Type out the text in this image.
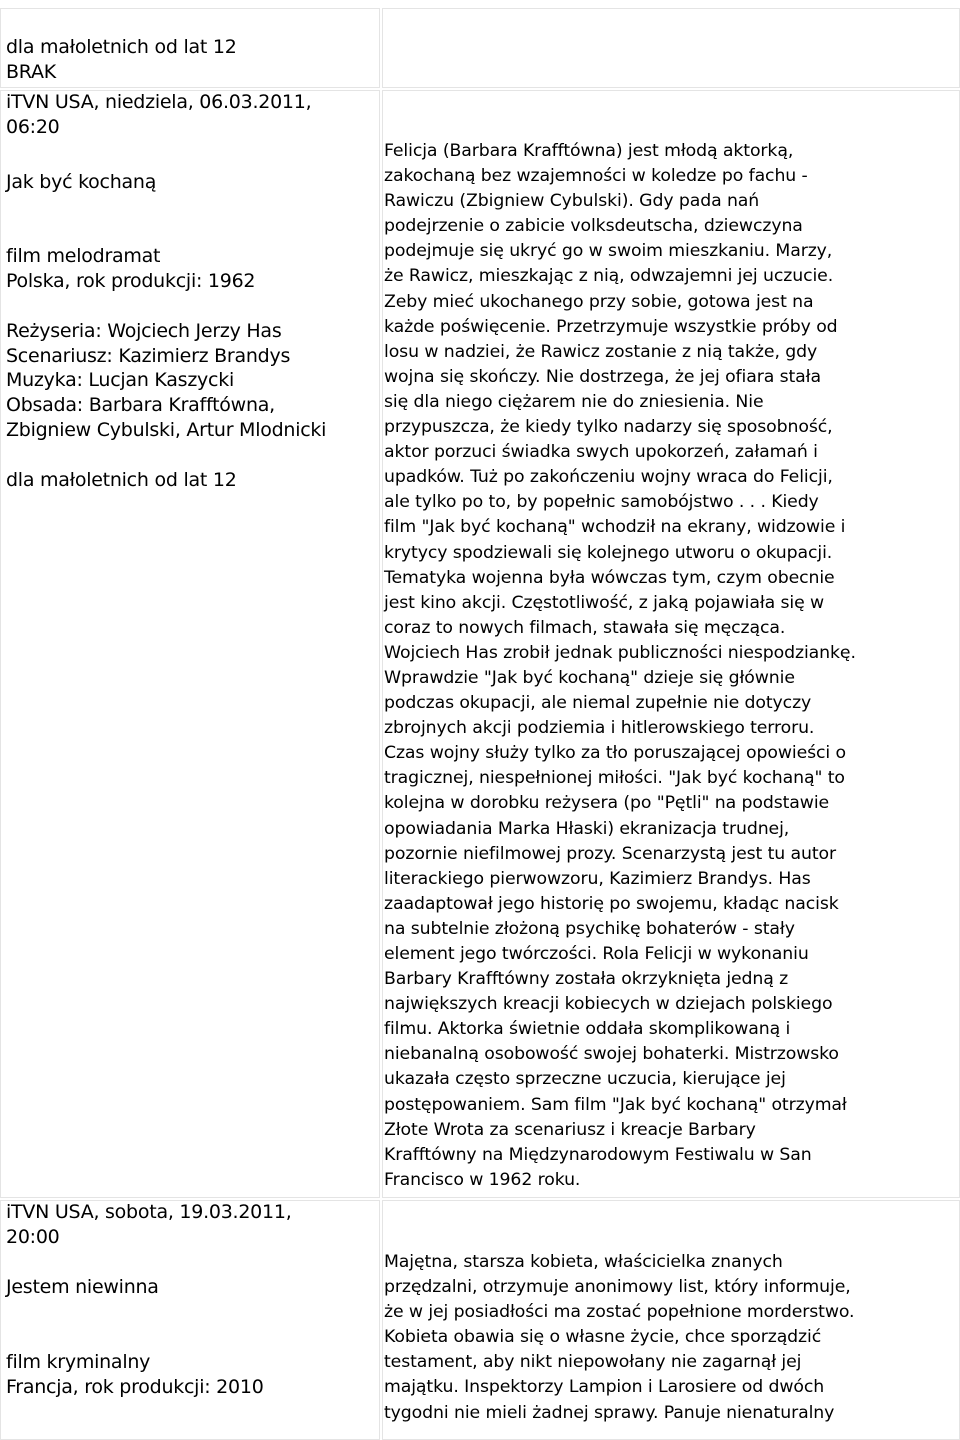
dla małoletnich od lat 12
BRAK
iTVN USA, niedziela, 06.03.2011,
06:20
Jak być kochaną
film melodramat
Polska, rok produkcji: 1962
Reżyseria: Wojciech Jerzy Has
Scenariusz: Kazimierz Brandys
Muzyka: Lucjan Kaszycki
Obsada: Barbara Krafftówna,
Zbigniew Cybulski, Artur Mlodnicki
dla małoletnich od lat 12
Felicja (Barbara Krafftówna) jest młodą aktorką,
zakochaną bez wzajemności w koledze po fachu -
Rawiczu (Zbigniew Cybulski). Gdy pada nań
podejrzenie o zabicie volksdeutscha, dziewczyna
podejmuje się ukryć go w swoim mieszkaniu. Marzy,
że Rawicz, mieszkając z nią, odwzajemni jej uczucie.
Zeby mieć ukochanego przy sobie, gotowa jest na
każde poświęcenie. Przetrzymuje wszystkie próby od
losu w nadziei, że Rawicz zostanie z nią także, gdy
wojna się skończy. Nie dostrzega, że jej ofiara stała
się dla niego ciężarem nie do zniesienia. Nie
przypuszcza, że kiedy tylko nadarzy się sposobność,
aktor porzuci świadka swych upokorzeń, załamań i
upadków. Tuż po zakończeniu wojny wraca do Felicji,
ale tylko po to, by popełnic samobójstwo . . . Kiedy
film "Jak być kochaną" wchodził na ekrany, widzowie i
krytycy spodziewali się kolejnego utworu o okupacji.
Tematyka wojenna była wówczas tym, czym obecnie
jest kino akcji. Częstotliwość, z jaką pojawiała się w
coraz to nowych filmach, stawała się męcząca.
Wojciech Has zrobił jednak publiczności niespodziankę.
Wprawdzie "Jak być kochaną" dzieje się głównie
podczas okupacji, ale niemal zupełnie nie dotyczy
zbrojnych akcji podziemia i hitlerowskiego terroru.
Czas wojny służy tylko za tło poruszającej opowieści o
tragicznej, niespełnionej miłości. "Jak być kochaną" to
kolejna w dorobku reżysera (po "Pętli" na podstawie
opowiadania Marka Hłaski) ekranizacja trudnej,
pozornie niefilmowej prozy. Scenarzystą jest tu autor
literackiego pierwowzoru, Kazimierz Brandys. Has
zaadaptował jego historię po swojemu, kładąc nacisk
na subtelnie złożoną psychikę bohaterów - stały
element jego twórczości. Rola Felicji w wykonaniu
Barbary Krafftówny została okrzyknięta jedną z
największych kreacji kobiecych w dziejach polskiego
filmu. Aktorka świetnie oddała skomplikowaną i
niebanalną osobowość swojej bohaterki. Mistrzowsko
ukazała często sprzeczne uczucia, kierujące jej
postępowaniem. Sam film "Jak być kochaną" otrzymał
Złote Wrota za scenariusz i kreacje Barbary
Krafftówny na Międzynarodowym Festiwalu w San
Francisco w 1962 roku.
iTVN USA, sobota, 19.03.2011,
20:00
Jestem niewinna
film kryminalny
Francja, rok produkcji: 2010
Majętna, starsza kobieta, właścicielka znanych
przędzalni, otrzymuje anonimowy list, który informuje,
że w jej posiadłości ma zostać popełnione morderstwo.
Kobieta obawia się o własne życie, chce sporządzić
testament, aby nikt niepowołany nie zagarnął jej
majątku. Inspektorzy Lampion i Larosiere od dwóch
tygodni nie mieli żadnej sprawy. Panuje nienaturalny
